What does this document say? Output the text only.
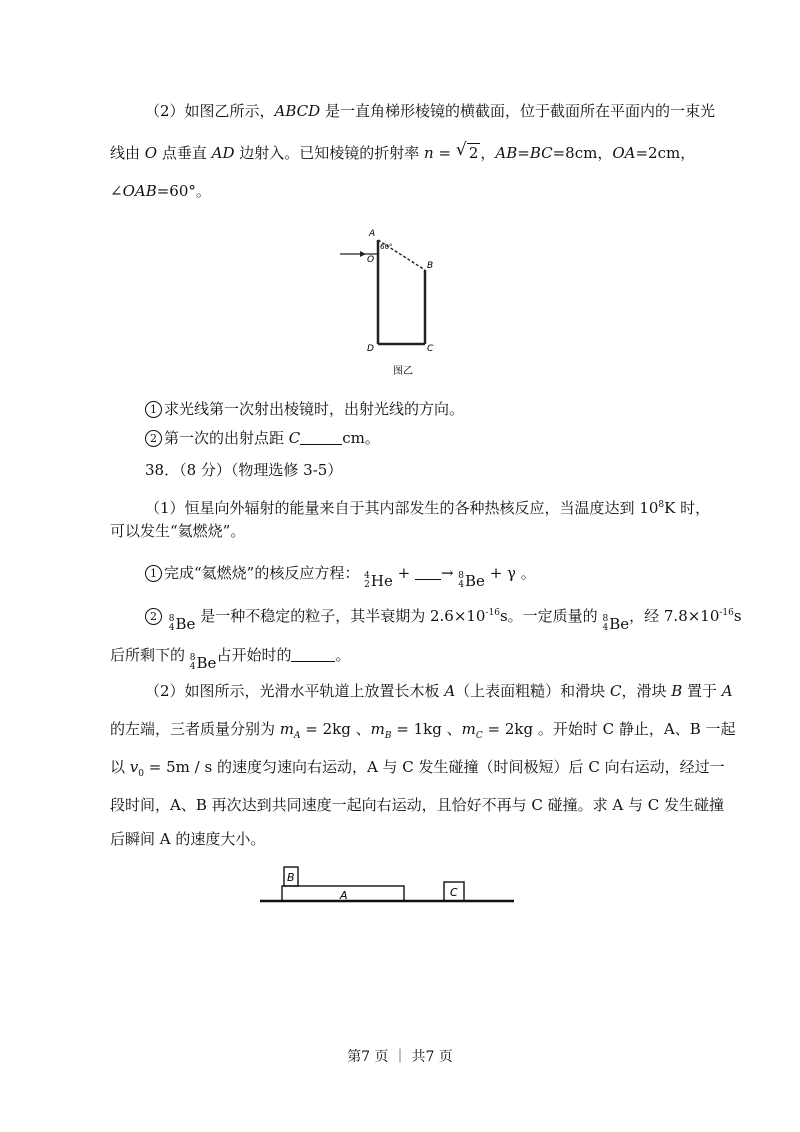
（2）如图乙所示，ABCD 是一直角梯形棱镜的横截面，位于截面所在平面内的一束光
线由 O 点垂直 AD 边射入。已知棱镜的折射率 n = √ 2 ，AB=BC=8cm，OA=2cm，
∠OAB=60°。
A
60°
O
B
D	C
图乙
1 求光线第一次射出棱镜时，出射光线的方向。
2 第一次的出射点距 C	cm。
38．（8 分）（物理选修 3-5）
（1）恒星向外辐射的能量来自于其内部发生的各种热核反应，当温度达到 $10^8K$ 时，
可以发生“氦燃烧”。
1 完成“氦燃烧”的核反应方程： 4
2 He + → 8
4 Be + γ 。
2 8
4 Be 是一种不稳定的粒子，其半衰期为 $2.6\times 10^{-16}s$。一定质量的 8
4 Be ，经 $7.8\times 10^{-16}s$
后所剩下的 8
4 Be 占开始时的	。
（2）如图所示，光滑水平轨道上放置长木板 A（上表面粗糙）和滑块 C，滑块 B 置于 A
的左端，三者质量分别为 $m_A = 2kg$ 、$m_B = 1kg$ 、$m_C = 2kg$ 。开始时 C 静止，A、B 一起
以 $v_0 = 5m / s$ 的速度匀速向右运动，A 与 C 发生碰撞（时间极短）后 C 向右运动，经过一
段时间，A、B 再次达到共同速度一起向右运动，且恰好不再与 C 碰撞。求 A 与 C 发生碰撞
后瞬间 A 的速度大小。
B
A	C
第7 页 ｜ 共7 页
